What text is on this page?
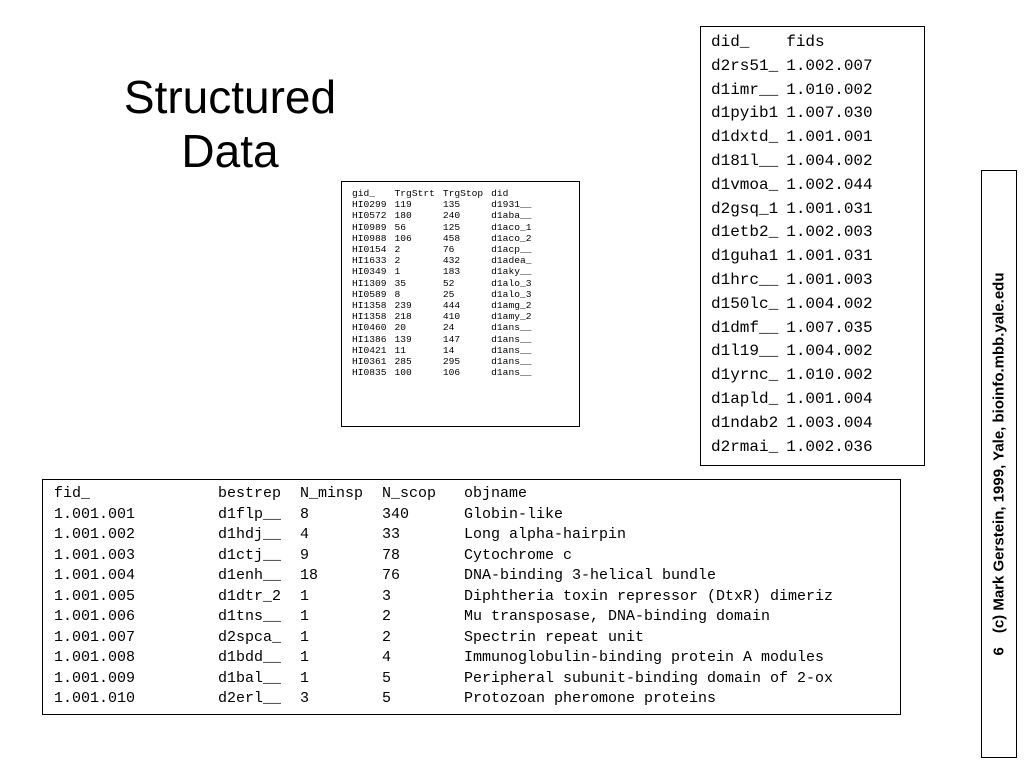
Structured
Data
gid_	TrgStrt	TrgStop	did
HI0299	119	135	d1931__
HI0572	180	240	d1aba__
HI0989	56	125	d1aco_1
HI0988	106	458	d1aco_2
HI0154	2	76	d1acp__
HI1633	2	432	d1adea_
HI0349	1	183	d1aky__
HI1309	35	52	d1alo_3
HI0589	8	25	d1alo_3
HI1358	239	444	d1amg_2
HI1358	218	410	d1amy_2
HI0460	20	24	d1ans__
HI1386	139	147	d1ans__
HI0421	11	14	d1ans__
HI0361	285	295	d1ans__
HI0835	100	106	d1ans__
did_	fids
d2rs51_	1.002.007
d1imr__	1.010.002
d1pyib1	1.007.030
d1dxtd_	1.001.001
d181l__	1.004.002
d1vmoa_	1.002.044
d2gsq_1	1.001.031
d1etb2_	1.002.003
d1guha1	1.001.031
d1hrc__	1.001.003
d150lc_	1.004.002
d1dmf__	1.007.035
d1l19__	1.004.002
d1yrnc_	1.010.002
d1apld_	1.001.004
d1ndab2	1.003.004
d2rmai_	1.002.036
fid_	bestrep	N_minsp	N_scop	objname
1.001.001	d1flp__	8	340	Globin-like
1.001.002	d1hdj__	4	33	Long alpha-hairpin
1.001.003	d1ctj__	9	78	Cytochrome c
1.001.004	d1enh__	18	76	DNA-binding 3-helical bundle
1.001.005	d1dtr_2	1	3	Diphtheria toxin repressor (DtxR) dimeriz
1.001.006	d1tns__	1	2	Mu transposase, DNA-binding domain
1.001.007	d2spca_	1	2	Spectrin repeat unit
1.001.008	d1bdd__	1	4	Immunoglobulin-binding protein A modules
1.001.009	d1bal__	1	5	Peripheral subunit-binding domain of 2-ox
1.001.010	d2erl__	3	5	Protozoan pheromone proteins
6(c) Mark Gerstein, 1999, Yale, bioinfo.mbb.yale.edu
